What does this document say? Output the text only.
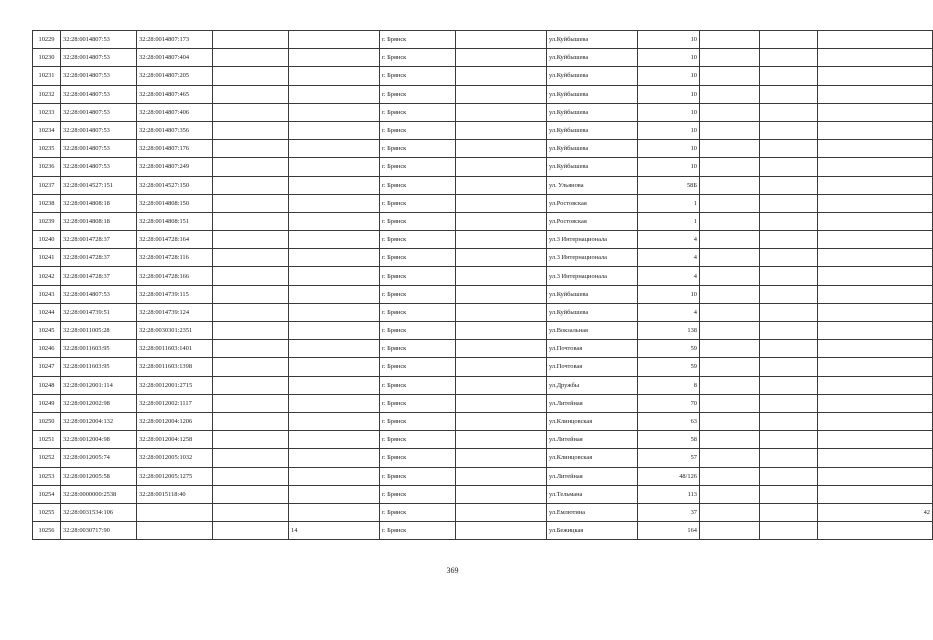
10229	32:28:0014807:53	32:28:0014807:173			г. Брянск		ул.Куйбышева	10			
10230	32:28:0014807:53	32:28:0014807:404			г. Брянск		ул.Куйбышева	10			
10231	32:28:0014807:53	32:28:0014807:205			г. Брянск		ул.Куйбышева	10			
10232	32:28:0014807:53	32:28:0014807:465			г. Брянск		ул.Куйбышева	10			
10233	32:28:0014807:53	32:28:0014807:406			г. Брянск		ул.Куйбышева	10			
10234	32:28:0014807:53	32:28:0014807:356			г. Брянск		ул.Куйбышева	10			
10235	32:28:0014807:53	32:28:0014807:176			г. Брянск		ул.Куйбышева	10			
10236	32:28:0014807:53	32:28:0014807:249			г. Брянск		ул.Куйбышева	10			
10237	32:28:0014527:151	32:28:0014527:150			г. Брянск		ул. Ульянова	58Б			
10238	32:28:0014808:18	32:28:0014808:150			г. Брянск		ул.Ростовская	1			
10239	32:28:0014808:18	32:28:0014808:151			г. Брянск		ул.Ростовская	1			
10240	32:28:0014728:37	32:28:0014728:164			г. Брянск		ул.3 Интернационала	4			
10241	32:28:0014728:37	32:28:0014728:116			г. Брянск		ул.3 Интернационала	4			
10242	32:28:0014728:37	32:28:0014728:166			г. Брянск		ул.3 Интернационала	4			
10243	32:28:0014807:53	32:28:0014739:115			г. Брянск		ул.Куйбышева	10			
10244	32:28:0014739:51	32:28:0014739:124			г. Брянск		ул.Куйбышева	4			
10245	32:28:0011005:28	32:28:0030301:2351			г. Брянск		ул.Вокзальная	138			
10246	32:28:0011603:95	32:28:0011603:1401			г. Брянск		ул.Почтовая	59			
10247	32:28:0011603:95	32:28:0011603:1398			г. Брянск		ул.Почтовая	59			
10248	32:28:0012001:114	32:28:0012001:2715			г. Брянск		ул.Дружбы	8			
10249	32:28:0012002:98	32:28:0012002:1117			г. Брянск		ул.Литейная	70			
10250	32:28:0012004:132	32:28:0012004:1206			г. Брянск		ул.Клинцовская	63			
10251	32:28:0012004:98	32:28:0012004:1258			г. Брянск		ул.Литейная	58			
10252	32:28:0012005:74	32:28:0012005:1032			г. Брянск		ул.Клинцовская	57			
10253	32:28:0012005:58	32:28:0012005:1275			г. Брянск		ул.Литейная	48/126			
10254	32:28:0000000:2538	32:28:0015118:40			г. Брянск		ул.Тельмана	113			
10255	32:28:0031534:106				г. Брянск		ул.Емлютина	37			42
10256	32:28:0030717:90			14	г. Брянск		ул.Бежицкая	164			
369
